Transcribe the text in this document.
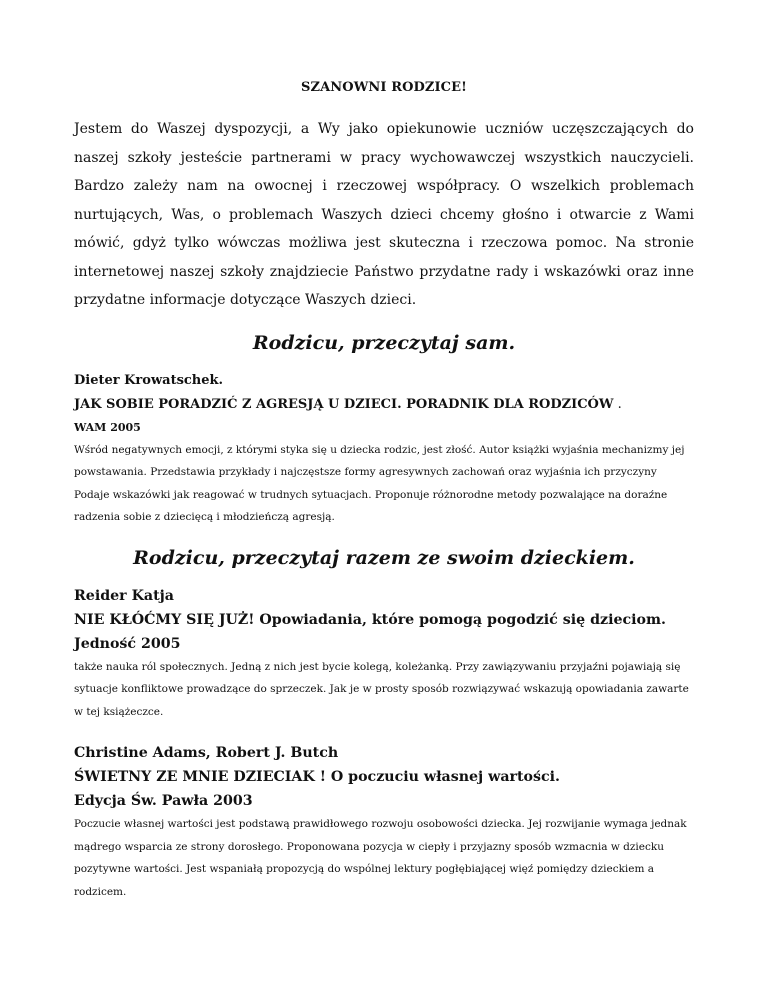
SZANOWNI RODZICE!

Jestem do Waszej dyspozycji, a Wy jako opiekunowie uczniów uczęszczających do naszej szkoły jesteście partnerami w pracy wychowawczej wszystkich nauczycieli. Bardzo zależy nam na owocnej i rzeczowej współpracy. O wszelkich problemach nurtujących, Was, o problemach Waszych dzieci chcemy głośno i otwarcie z Wami mówić, gdyż tylko wówczas możliwa jest skuteczna i rzeczowa pomoc. Na stronie internetowej naszej szkoły znajdziecie Państwo przydatne rady i wskazówki oraz inne przydatne informacje dotyczące Waszych dzieci.

Rodzicu, przeczytaj sam.
Dieter Krowatschek.
JAK SOBIE PORADZIĆ Z AGRESJĄ U DZIECI. PORADNIK DLA RODZICÓW .
WAM 2005

Wśród negatywnych emocji, z którymi styka się u dziecka rodzic, jest złość. Autor książki wyjaśnia mechanizmy jej powstawania. Przedstawia przykłady i najczęstsze formy agresywnych zachowań oraz wyjaśnia ich przyczyny Podaje wskazówki jak reagować w trudnych sytuacjach. Proponuje różnorodne metody pozwalające na doraźne radzenia sobie z dziecięcą i młodzieńczą agresją.

Rodzicu, przeczytaj razem ze swoim dzieckiem.
Reider Katja
NIE KŁÓĆMY SIĘ JUŻ! Opowiadania, które pomogą pogodzić się dzieciom.
Jedność 2005

także nauka ról społecznych. Jedną z nich jest bycie kolegą, koleżanką. Przy zawiązywaniu przyjaźni pojawiają się sytuacje konfliktowe prowadzące do sprzeczek. Jak je w prosty sposób rozwiązywać wskazują opowiadania zawarte w tej książeczce.

Christine Adams, Robert J. Butch
ŚWIETNY ZE MNIE DZIECIAK ! O poczuciu własnej wartości.
Edycja Św. Pawła 2003

Poczucie własnej wartości jest podstawą prawidłowego rozwoju osobowości dziecka. Jej rozwijanie wymaga jednak mądrego wsparcia ze strony dorosłego. Proponowana pozycja w ciepły i przyjazny sposób wzmacnia w dziecku pozytywne wartości. Jest wspaniałą propozycją do wspólnej lektury pogłębiającej więź pomiędzy dzieckiem a rodzicem.
